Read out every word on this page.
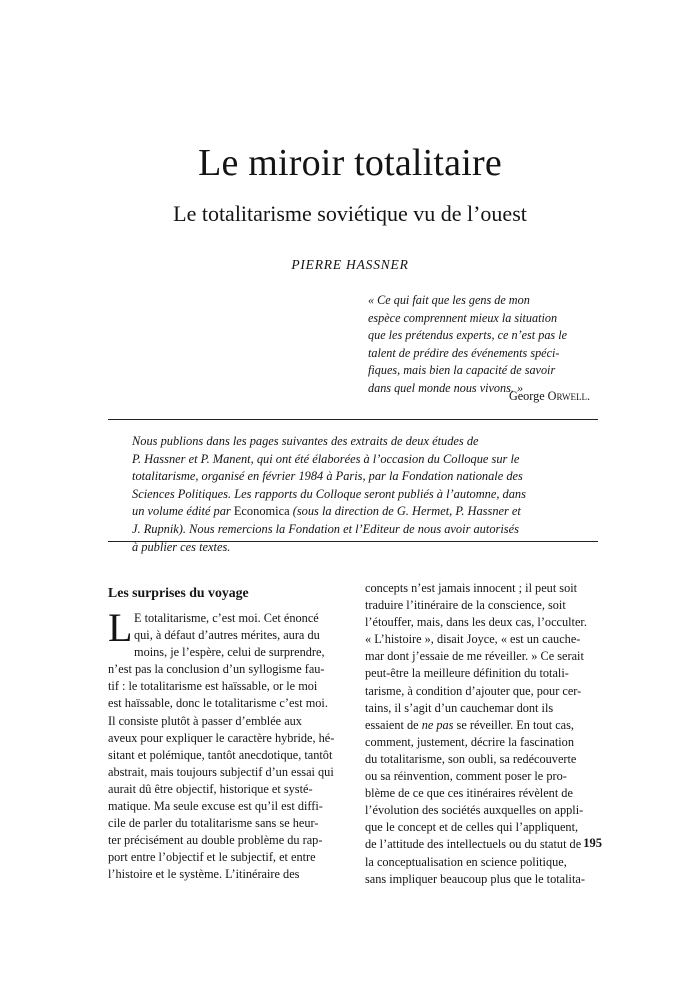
Le miroir totalitaire
Le totalitarisme soviétique vu de l’ouest
PIERRE HASSNER
« Ce qui fait que les gens de mon
espèce comprennent mieux la situation
que les prétendus experts, ce n’est pas le
talent de prédire des événements spéci-
fiques, mais bien la capacité de savoir
dans quel monde nous vivons. »
George Orwell.
Nous publions dans les pages suivantes des extraits de deux études de
P. Hassner et P. Manent, qui ont été élaborées à l’occasion du Colloque sur le
totalitarisme, organisé en février 1984 à Paris, par la Fondation nationale des
Sciences Politiques. Les rapports du Colloque seront publiés à l’automne, dans
un volume édité par Economica (sous la direction de G. Hermet, P. Hassner et
J. Rupnik). Nous remercions la Fondation et l’Editeur de nous avoir autorisés
à publier ces textes.
Les surprises du voyage
L E totalitarisme, c’est moi. Cet énoncé
qui, à défaut d’autres mérites, aura du
moins, je l’espère, celui de surprendre,
n’est pas la conclusion d’un syllogisme fau-
tif : le totalitarisme est haïssable, or le moi
est haïssable, donc le totalitarisme c’est moi.
Il consiste plutôt à passer d’emblée aux
aveux pour expliquer le caractère hybride, hé-
sitant et polémique, tantôt anecdotique, tantôt
abstrait, mais toujours subjectif d’un essai qui
aurait dû être objectif, historique et systé-
matique. Ma seule excuse est qu’il est diffi-
cile de parler du totalitarisme sans se heur-
ter précisément au double problème du rap-
port entre l’objectif et le subjectif, et entre
l’histoire et le système. L’itinéraire des
concepts n’est jamais innocent ; il peut soit
traduire l’itinéraire de la conscience, soit
l’étouffer, mais, dans les deux cas, l’occulter.
« L’histoire », disait Joyce, « est un cauche-
mar dont j’essaie de me réveiller. » Ce serait
peut-être la meilleure définition du totali-
tarisme, à condition d’ajouter que, pour cer-
tains, il s’agit d’un cauchemar dont ils
essaient de ne pas se réveiller. En tout cas,
comment, justement, décrire la fascination
du totalitarisme, son oubli, sa redécouverte
ou sa réinvention, comment poser le pro-
blème de ce que ces itinéraires révèlent de
l’évolution des sociétés auxquelles on appli-
que le concept et de celles qui l’appliquent,
de l’attitude des intellectuels ou du statut de
la conceptualisation en science politique,
sans impliquer beaucoup plus que le totalita-
195
